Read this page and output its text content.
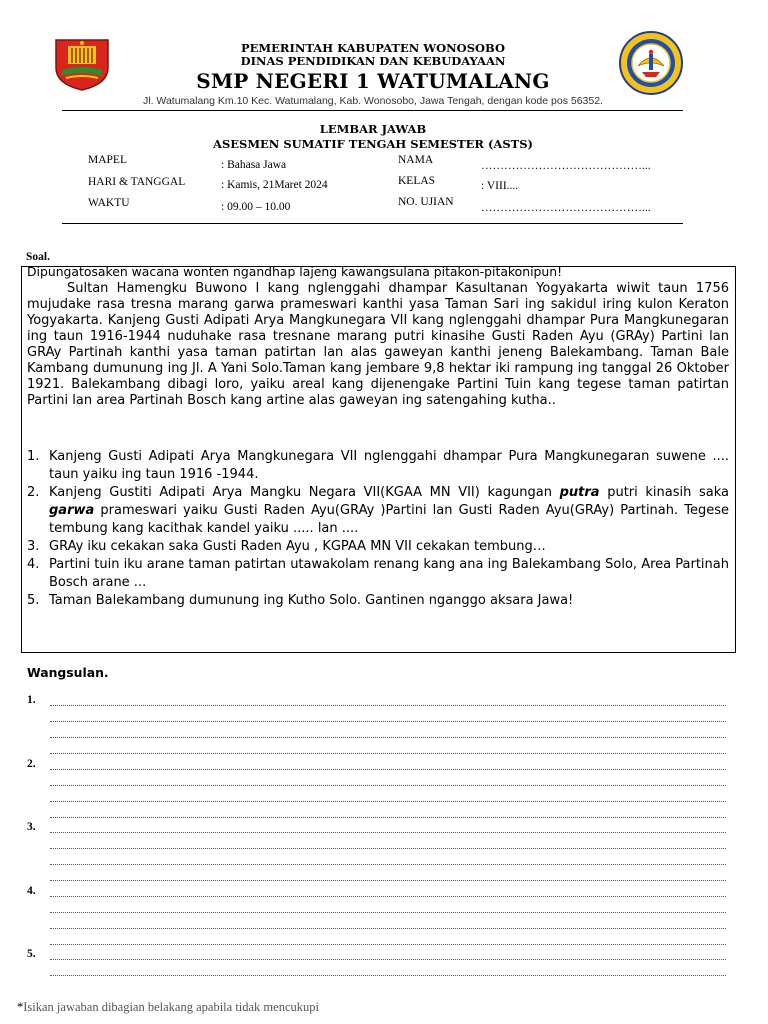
PEMERINTAH KABUPATEN WONOSOBO
DINAS PENDIDIKAN DAN KEBUDAYAAN
SMP NEGERI 1 WATUMALANG
Jl. Watumalang Km.10 Kec. Watumalang, Kab. Wonosobo, Jawa Tengah, dengan kode pos 56352.
LEMBAR JAWAB
ASESMEN SUMATIF TENGAH SEMESTER (ASTS)
MAPEL	: Bahasa Jawa
HARI & TANGGAL	: Kamis, 21Maret 2024
WAKTU	: 09.00 – 10.00
NAMA	……………………………………...
KELAS	: VIII....
NO. UJIAN ……………………………………...
Soal.
Dipungatosaken wacana wonten ngandhap lajeng kawangsulana pitakon-pitakonipun!
Sultan Hamengku Buwono I kang nglenggahi dhampar Kasultanan Yogyakarta wiwit taun 1756 mujudake rasa tresna marang garwa prameswari kanthi yasa Taman Sari ing sakidul iring kulon Keraton Yogyakarta. Kanjeng Gusti Adipati Arya Mangkunegara VII kang nglenggahi dhampar Pura Mangkunegaran ing taun 1916-1944 nuduhake rasa tresnane marang putri kinasihe Gusti Raden Ayu (GRAy) Partini lan GRAy Partinah kanthi yasa taman patirtan lan alas gaweyan kanthi jeneng Balekambang. Taman Bale Kambang dumunung ing Jl. A Yani Solo.Taman kang jembare 9,8 hektar iki rampung ing tanggal 26 Oktober 1921. Balekambang dibagi loro, yaiku areal kang dijenengake Partini Tuin kang tegese taman patirtan Partini lan area Partinah Bosch kang artine alas gaweyan ing satengahing kutha..
1. Kanjeng Gusti Adipati Arya Mangkunegara VII nglenggahi dhampar Pura Mangkunegaran suwene .... taun yaiku ing taun 1916 -1944.
2. Kanjeng Gustiti Adipati Arya Mangku Negara VII(KGAA MN VII) kagungan putra putri kinasih saka garwa prameswari yaiku Gusti Raden Ayu(GRAy )Partini lan Gusti Raden Ayu(GRAy) Partinah. Tegese tembung kang kacithak kandel yaiku ..... lan ....
3. GRAy iku cekakan saka Gusti Raden Ayu , KGPAA MN VII cekakan tembung…
4. Partini tuin iku arane taman patirtan utawakolam renang kang ana ing Balekambang Solo, Area Partinah Bosch arane ...
5. Taman Balekambang dumunung ing Kutho Solo. Gantinen nganggo aksara Jawa!
Wangsulan.
1.
2.
3.
4.
5.
*Isikan jawaban dibagian belakang apabila tidak mencukupi
